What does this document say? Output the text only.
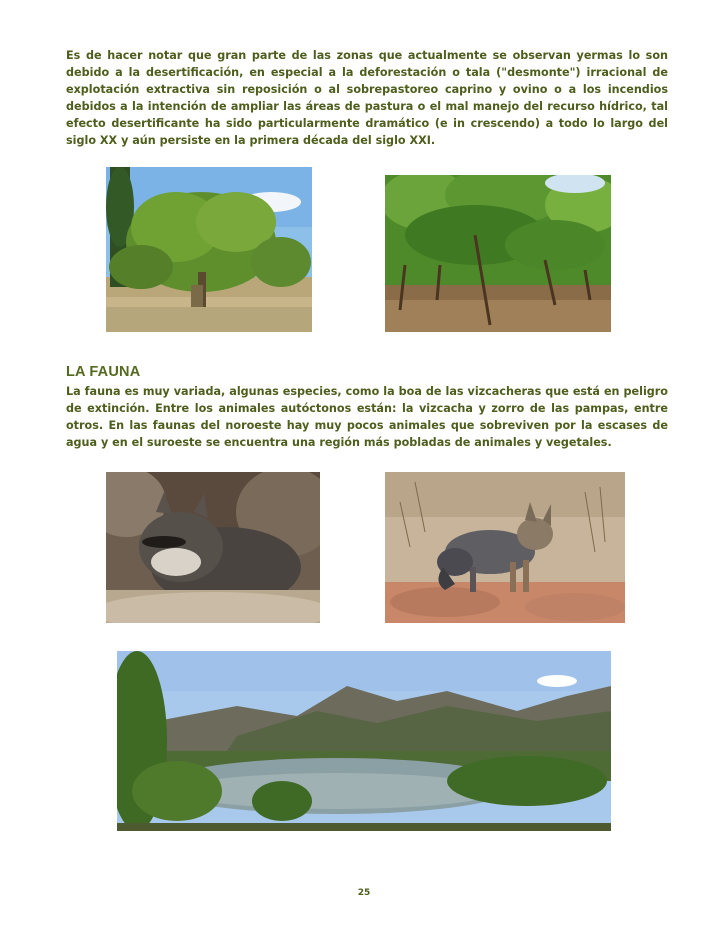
Es de hacer notar que gran parte de las zonas que actualmente se observan yermas lo son debido a la desertificación, en especial a la deforestación o tala ("desmonte") irracional de explotación extractiva sin reposición o al sobrepastoreo caprino y ovino o a los incendios debidos a la intención de ampliar las áreas de pastura o el mal manejo del recurso hídrico, tal efecto desertificante ha sido particularmente dramático (e in crescendo) a todo lo largo del siglo XX y aún persiste en la primera década del siglo XXI.

LA FAUNA

La fauna es muy variada, algunas especies, como la boa de las vizcacheras que está en peligro de extinción. Entre los animales autóctonos están: la vizcacha y zorro de las pampas, entre otros. En las faunas del noroeste hay muy pocos animales que sobreviven por la escases de agua y en el suroeste se encuentra una región más pobladas de animales y vegetales.

25
